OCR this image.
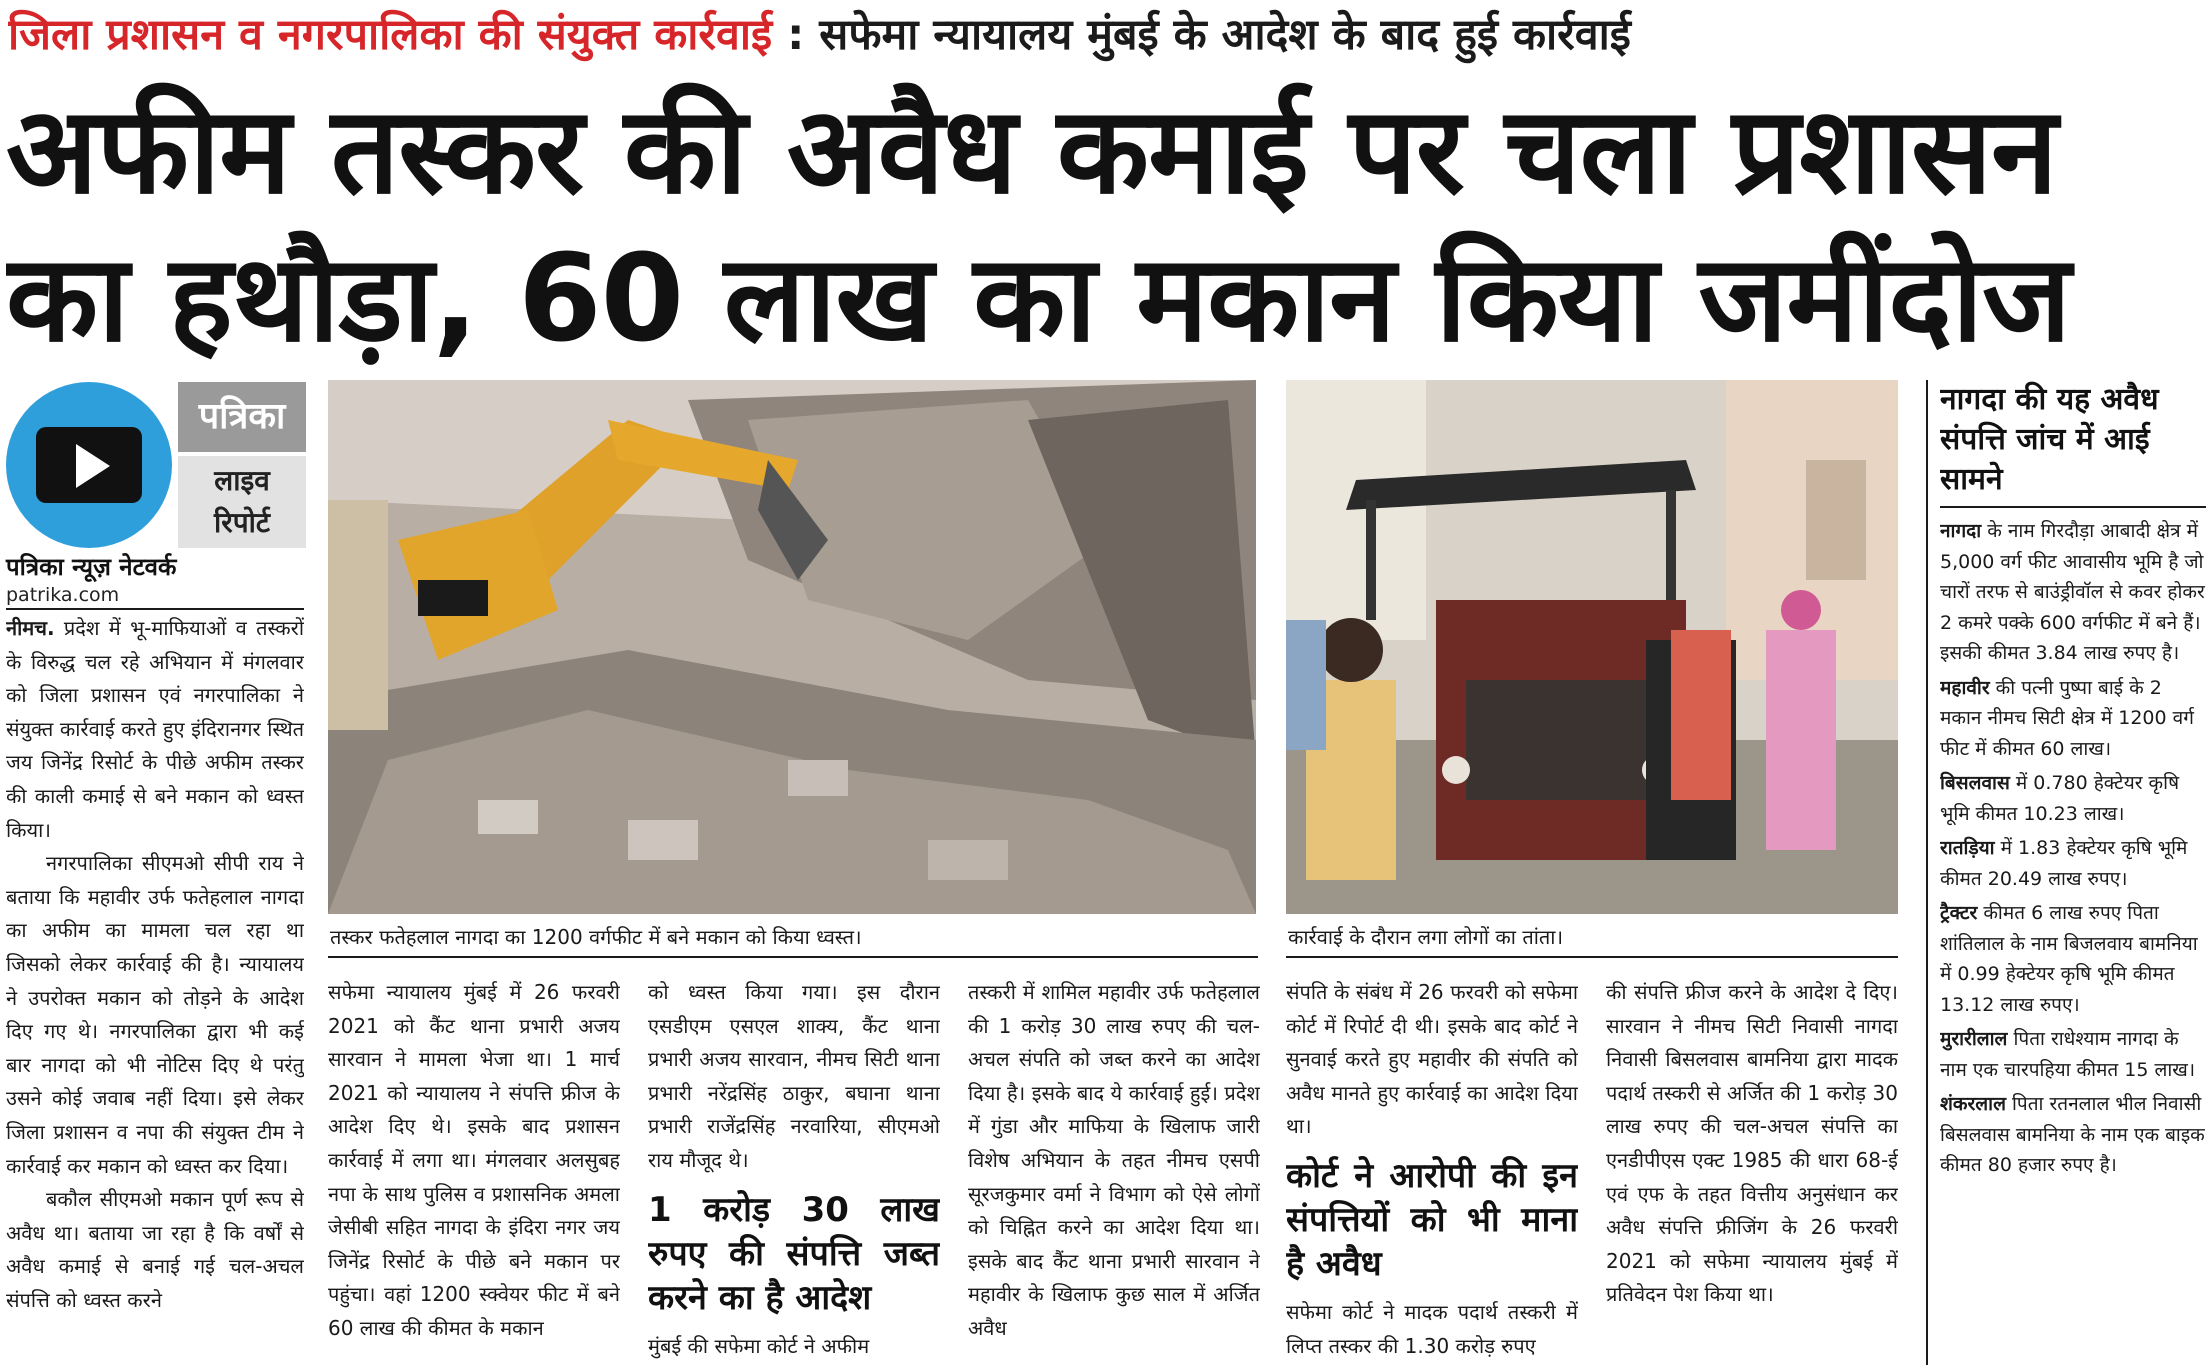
जिला प्रशासन व नगरपालिका की संयुक्त कार्रवाई : सफेमा न्यायालय मुंबई के आदेश के बाद हुई कार्रवाई
अफीम तस्कर की अवैध कमाई पर चला प्रशासन
का हथौड़ा, 60 लाख का मकान किया जमींदोज
पत्रिका
लाइव
रिपोर्ट
पत्रिका न्यूज़ नेटवर्क
patrika.com

नीमच. प्रदेश में भू-माफियाओं व तस्करों के विरुद्ध चल रहे अभियान में मंगलवार को जिला प्रशासन एवं नगरपालिका ने संयुक्त कार्रवाई करते हुए इंदिरानगर स्थित जय जिनेंद्र रिसोर्ट के पीछे अफीम तस्कर की काली कमाई से बने मकान को ध्वस्त किया।

नगरपालिका सीएमओ सीपी राय ने बताया कि महावीर उर्फ फतेहलाल नागदा का अफीम का मामला चल रहा था जिसको लेकर कार्रवाई की है। न्यायालय ने उपरोक्त मकान को तोड़ने के आदेश दिए गए थे। नगरपालिका द्वारा भी कई बार नागदा को भी नोटिस दिए थे परंतु उसने कोई जवाब नहीं दिया। इसे लेकर जिला प्रशासन व नपा की संयुक्त टीम ने कार्रवाई कर मकान को ध्वस्त कर दिया।

बकौल सीएमओ मकान पूर्ण रूप से अवैध था। बताया जा रहा है कि वर्षों से अवैध कमाई से बनाई गई चल-अचल संपत्ति को ध्वस्त करने

तस्कर फतेहलाल नागदा का 1200 वर्गफीट में बने मकान को किया ध्वस्त।	कार्रवाई के दौरान लगा लोगों का तांता।

सफेमा न्यायालय मुंबई में 26 फरवरी 2021 को कैंट थाना प्रभारी अजय सारवान ने मामला भेजा था। 1 मार्च 2021 को न्यायालय ने संपत्ति फ्रीज के आदेश दिए थे। इसके बाद प्रशासन कार्रवाई में लगा था। मंगलवार अलसुबह नपा के साथ पुलिस व प्रशासनिक अमला जेसीबी सहित नागदा के इंदिरा नगर जय जिनेंद्र रिसोर्ट के पीछे बने मकान पर पहुंचा। वहां 1200 स्क्वेयर फीट में बने 60 लाख की कीमत के मकान

को ध्वस्त किया गया। इस दौरान एसडीएम एसएल शाक्य, कैंट थाना प्रभारी अजय सारवान, नीमच सिटी थाना प्रभारी नरेंद्रसिंह ठाकुर, बघाना थाना प्रभारी राजेंद्रसिंह नरवारिया, सीएमओ राय मौजूद थे।

1 करोड़ 30 लाख रुपए की संपत्ति जब्त करने का है आदेश

मुंबई की सफेमा कोर्ट ने अफीम

तस्करी में शामिल महावीर उर्फ फतेहलाल की 1 करोड़ 30 लाख रुपए की चल-अचल संपति को जब्त करने का आदेश दिया है। इसके बाद ये कार्रवाई हुई। प्रदेश में गुंडा और माफिया के खिलाफ जारी विशेष अभियान के तहत नीमच एसपी सूरजकुमार वर्मा ने विभाग को ऐसे लोगों को चिह्नित करने का आदेश दिया था। इसके बाद कैंट थाना प्रभारी सारवान ने महावीर के खिलाफ कुछ साल में अर्जित अवैध

संपति के संबंध में 26 फरवरी को सफेमा कोर्ट में रिपोर्ट दी थी। इसके बाद कोर्ट ने सुनवाई करते हुए महावीर की संपति को अवैध मानते हुए कार्रवाई का आदेश दिया था।

कोर्ट ने आरोपी की इन संपत्तियों को भी माना है अवैध

सफेमा कोर्ट ने मादक पदार्थ तस्करी में लिप्त तस्कर की 1.30 करोड़ रुपए

की संपत्ति फ्रीज करने के आदेश दे दिए। सारवान ने नीमच सिटी निवासी नागदा निवासी बिसलवास बामनिया द्वारा मादक पदार्थ तस्करी से अर्जित की 1 करोड़ 30 लाख रुपए की चल-अचल संपत्ति का एनडीपीएस एक्ट 1985 की धारा 68-ई एवं एफ के तहत वित्तीय अनुसंधान कर अवैध संपत्ति फ्रीजिंग के 26 फरवरी 2021 को सफेमा न्यायालय मुंबई में प्रतिवेदन पेश किया था।

नागदा की यह अवैध संपत्ति जांच में आई सामने

नागदा के नाम गिरदौड़ा आबादी क्षेत्र में 5,000 वर्ग फीट आवासीय भूमि है जो चारों तरफ से बाउंड्रीवॉल से कवर होकर 2 कमरे पक्के 600 वर्गफीट में बने हैं। इसकी कीमत 3.84 लाख रुपए है।

महावीर की पत्नी पुष्पा बाई के 2 मकान नीमच सिटी क्षेत्र में 1200 वर्ग फीट में कीमत 60 लाख।

बिसलवास में 0.780 हेक्टेयर कृषि भूमि कीमत 10.23 लाख।

रातड़िया में 1.83 हेक्टेयर कृषि भूमि कीमत 20.49 लाख रुपए।

ट्रैक्टर कीमत 6 लाख रुपए पिता शांतिलाल के नाम बिजलवाय बामनिया में 0.99 हेक्टेयर कृषि भूमि कीमत 13.12 लाख रुपए।

मुरारीलाल पिता राधेश्याम नागदा के नाम एक चारपहिया कीमत 15 लाख।

शंकरलाल पिता रतनलाल भील निवासी बिसलवास बामनिया के नाम एक बाइक कीमत 80 हजार रुपए है।
